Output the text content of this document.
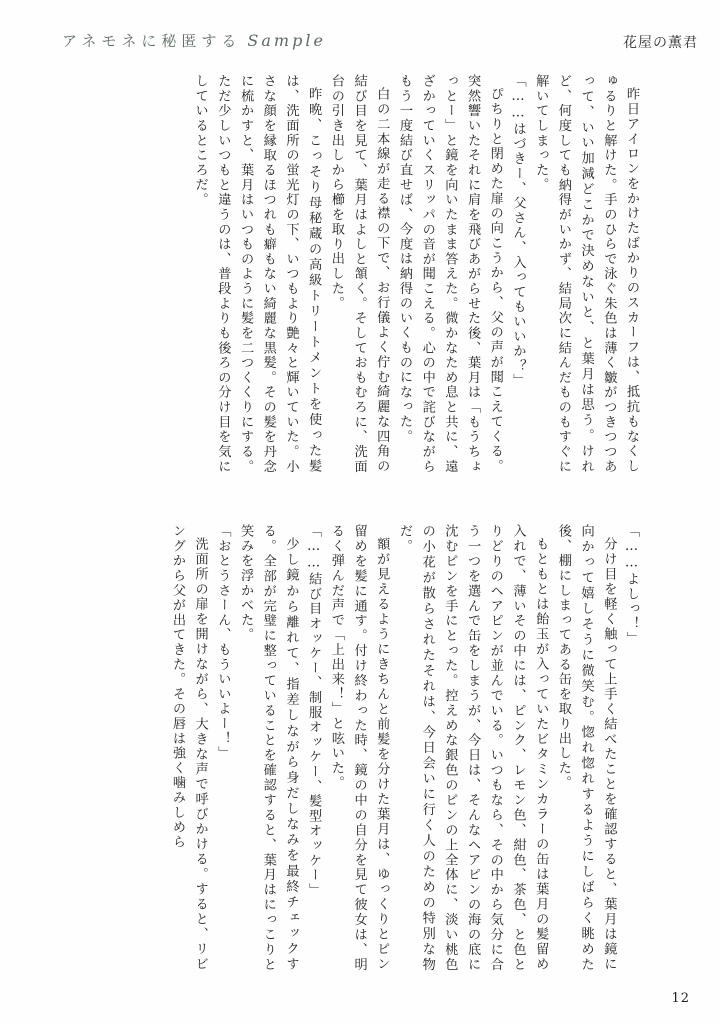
アネモネに秘匿する Sample	花屋の薫君

昨日アイロンをかけたばかりのスカーフは、抵抗もなくしゅるりと解けた。手のひらで泳ぐ朱色は薄く皺がつきつつあって、いい加減どこかで決めないと、と葉月は思う。けれど、何度しても納得がいかず、結局次に結んだものもすぐに解いてしまった。

「……はづきー、父さん、入ってもいいか？」

ぴちりと閉めた扉の向こうから、父の声が聞こえてくる。突然響いたそれに肩を飛びあがらせた後、葉月は「もうちょっとー」と鏡を向いたまま答えた。微かなため息と共に、遠ざかっていくスリッパの音が聞こえる。心の中で詫びながらもう一度結び直せば、今度は納得のいくものになった。

白の二本線が走る襟の下で、お行儀よく佇む綺麗な四角の結び目を見て、葉月はよしと頷く。そしておもむろに、洗面台の引き出しから櫛を取り出した。

昨晩、こっそり母秘蔵の高級トリートメントを使った髪は、洗面所の蛍光灯の下、いつもより艶々と輝いていた。小さな顔を縁取るほつれも癖もない綺麗な黒髪。その髪を丹念に梳かすと、葉月はいつものように髪を二つくくりにする。ただ少しいつもと違うのは、普段よりも後ろの分け目を気にしているところだ。

「……よしっ！」

分け目を軽く触って上手く結べたことを確認すると、葉月は鏡に向かって嬉しそうに微笑む。惚れ惚れするようにしばらく眺めた後、棚にしまってある缶を取り出した。

もともとは飴玉が入っていたビタミンカラーの缶は葉月の髪留め入れで、薄いその中には、ピンク、レモン色、紺色、茶色、と色とりどりのヘアピンが並んでいる。いつもなら、その中から気分に合う一つを選んで缶をしまうが、今日は、そんなヘアピンの海の底に沈むピンを手にとった。控えめな銀色のピンの上全体に、淡い桃色の小花が散らされたそれは、今日会いに行く人のための特別な物だ。

額が見えるようにきちんと前髪を分けた葉月は、ゆっくりとピン留めを髪に通す。付け終わった時、鏡の中の自分を見て彼女は、明るく弾んだ声で「上出来！」と呟いた。

「……結び目オッケー、制服オッケー、髪型オッケー」

少し鏡から離れて、指差しながら身だしなみを最終チェックする。全部が完璧に整っていることを確認すると、葉月はにっこりと笑みを浮かべた。

「おとうさーん、もういいよー！」

洗面所の扉を開けながら、大きな声で呼びかける。すると、リビングから父が出てきた。その唇は強く噛みしめら

12
